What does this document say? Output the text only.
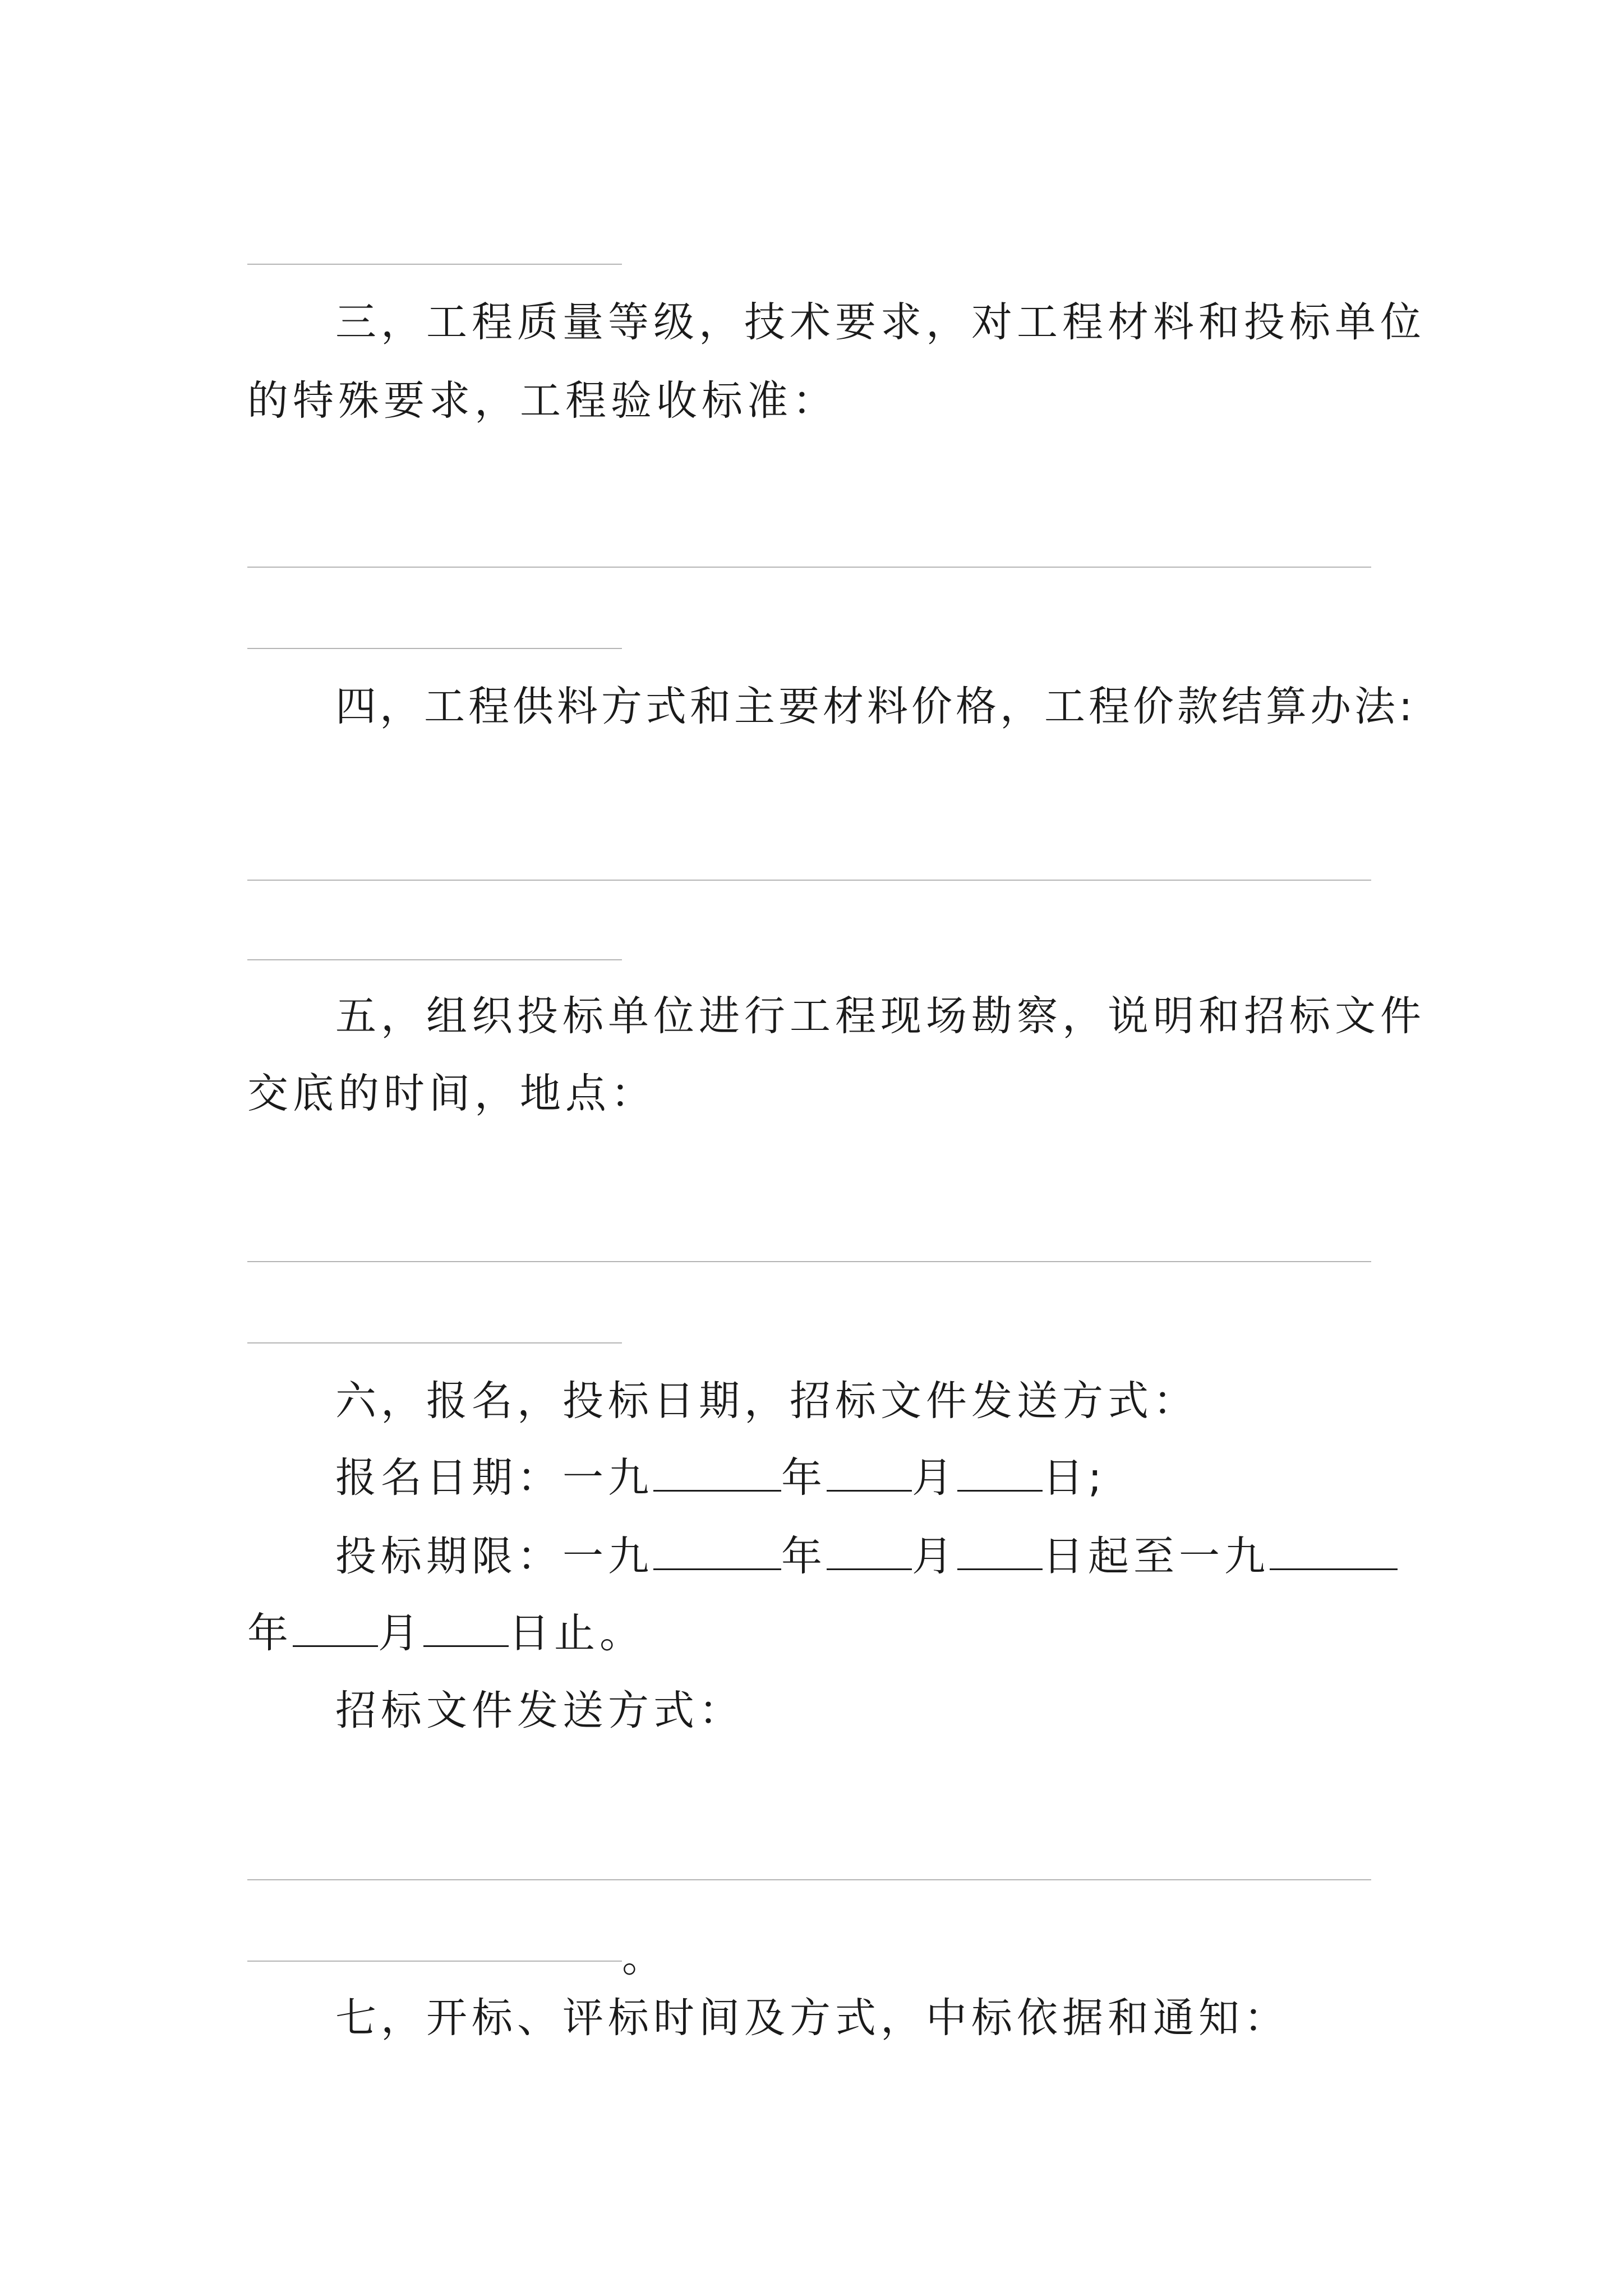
三，工程质量等级，技术要求，对工程材料和投标单位
的特殊要求，工程验收标准：
四，工程供料方式和主要材料价格，工程价款结算办法:
五，组织投标单位进行工程现场勘察，说明和招标文件
交底的时间，地点：
六，报名，投标日期，招标文件发送方式：
报名日期：一九	年 月 日;
投标期限：一九	年 月 日起至一九
年 月 日止。
招标文件发送方式：
。
七，开标、评标时间及方式，中标依据和通知：
